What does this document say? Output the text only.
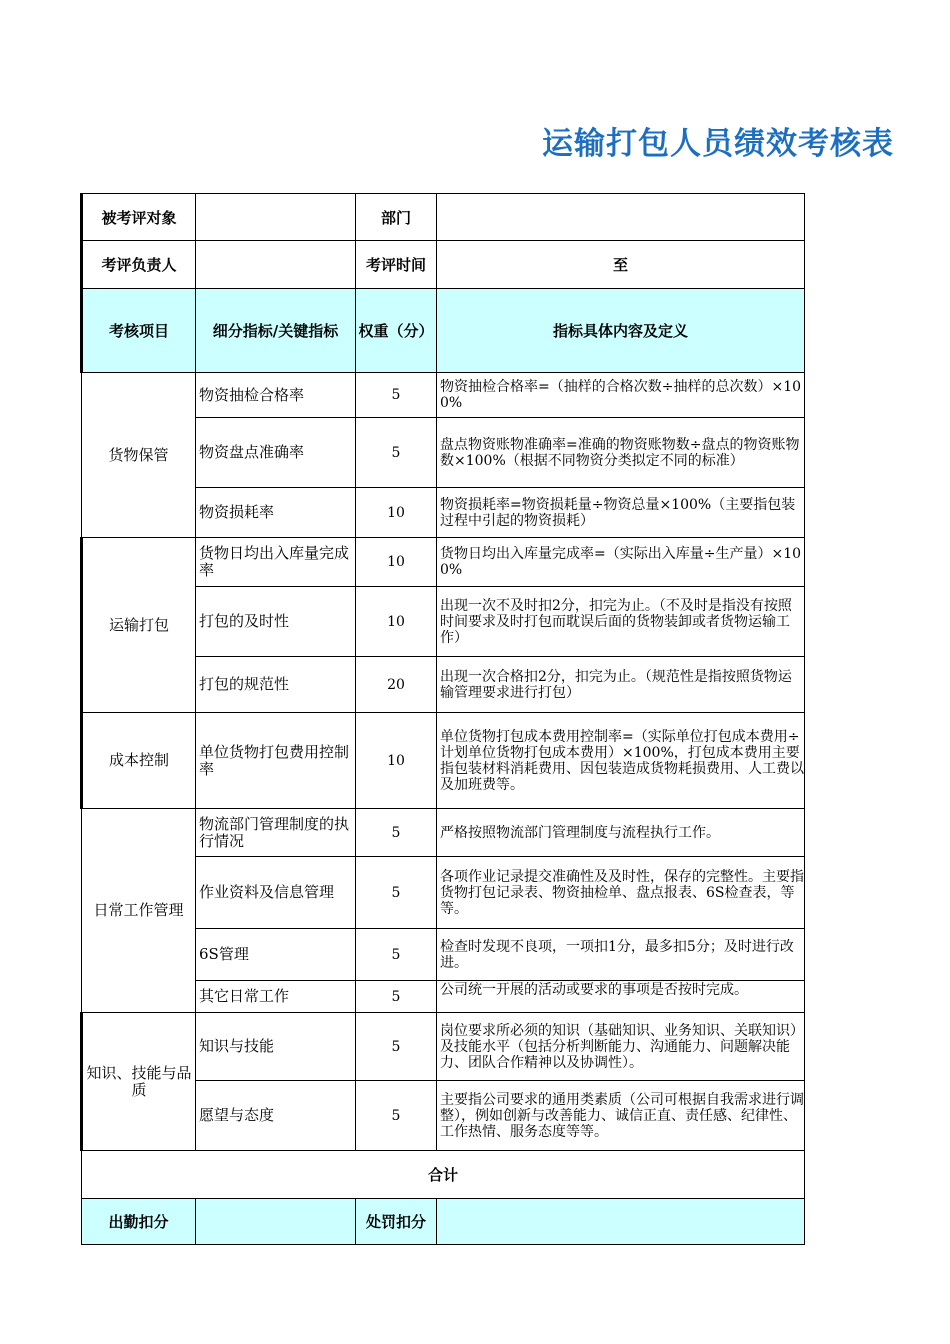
运输打包人员绩效考核表
被考评对象		部门	
考评负责人		考评时间	至
考核项目	细分指标/关键指标	权重（分）	指标具体内容及定义
货物保管	物资抽检合格率	5	物资抽检合格率=（抽样的合格次数÷抽样的总次数）×100%
	物资盘点准确率	5	盘点物资账物准确率=准确的物资账物数÷盘点的物资账物数×100%（根据不同物资分类拟定不同的标准）
	物资损耗率	10	物资损耗率=物资损耗量÷物资总量×100%（主要指包装过程中引起的物资损耗）
运输打包	货物日均出入库量完成率	10	货物日均出入库量完成率=（实际出入库量÷生产量）×100%
	打包的及时性	10	出现一次不及时扣2分，扣完为止。（不及时是指没有按照时间要求及时打包而耽误后面的货物装卸或者货物运输工作）
	打包的规范性	20	出现一次合格扣2分，扣完为止。（规范性是指按照货物运输管理要求进行打包）
成本控制	单位货物打包费用控制率	10	单位货物打包成本费用控制率=（实际单位打包成本费用÷计划单位货物打包成本费用）×100%，打包成本费用主要指包装材料消耗费用、因包装造成货物耗损费用、人工费以及加班费等。
日常工作管理	物流部门管理制度的执行情况	5	严格按照物流部门管理制度与流程执行工作。
	作业资料及信息管理	5	各项作业记录提交准确性及及时性，保存的完整性。主要指货物打包记录表、物资抽检单、盘点报表、6S检查表，等等。
	6S管理	5	检查时发现不良项，一项扣1分，最多扣5分；及时进行改进。
	其它日常工作	5	公司统一开展的活动或要求的事项是否按时完成。
知识、技能与品质	知识与技能	5	岗位要求所必须的知识（基础知识、业务知识、关联知识）及技能水平（包括分析判断能力、沟通能力、问题解决能力、团队合作精神以及协调性）。
	愿望与态度	5	主要指公司要求的通用类素质（公司可根据自我需求进行调整），例如创新与改善能力、诚信正直、责任感、纪律性、工作热情、服务态度等等。
合计			
出勤扣分		处罚扣分	
